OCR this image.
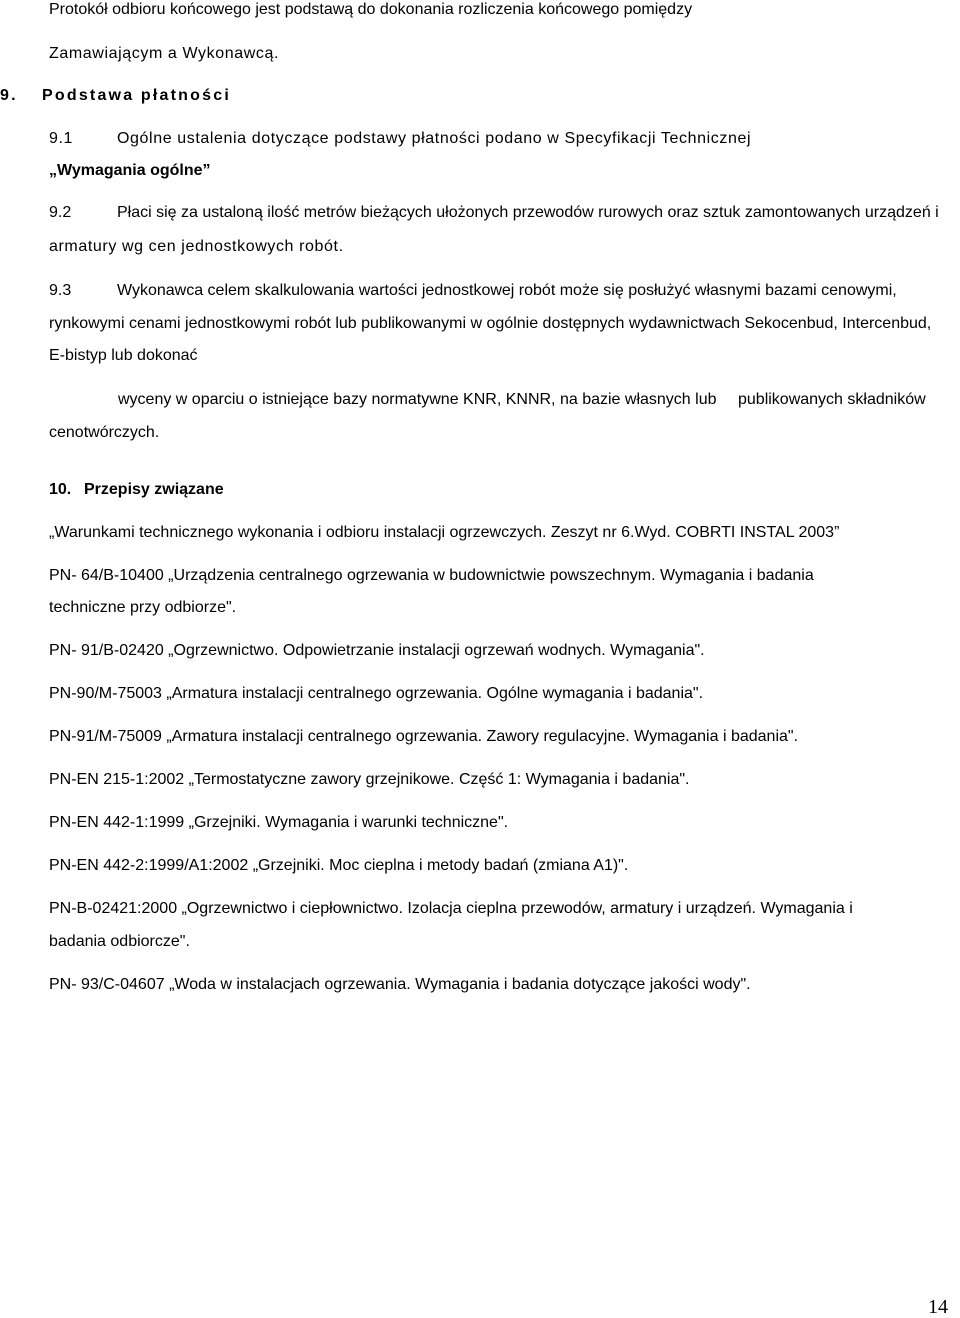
Protokół odbioru końcowego jest podstawą do dokonania rozliczenia końcowego pomiędzy
Zamawiającym a Wykonawcą.
9. Podstawa płatności
9.1	Ogólne ustalenia dotyczące podstawy płatności podano w Specyfikacji Technicznej
„Wymagania ogólne”
9.2	Płaci się za ustaloną ilość metrów bieżących ułożonych przewodów rurowych oraz sztuk zamontowanych urządzeń i
armatury wg cen jednostkowych robót.
9.3	Wykonawca celem skalkulowania wartości jednostkowej robót może się posłużyć własnymi bazami cenowymi,
rynkowymi cenami jednostkowymi robót lub publikowanymi w ogólnie dostępnych wydawnictwach Sekocenbud, Intercenbud,
E-bistyp lub dokonać
wyceny w oparciu o istniejące bazy normatywne KNR, KNNR, na bazie własnych lub publikowanych składników
cenotwórczych.
10. Przepisy związane
„Warunkami technicznego wykonania i odbioru instalacji ogrzewczych. Zeszyt nr 6.Wyd. COBRTI INSTAL 2003”
PN- 64/B-10400 „Urządzenia centralnego ogrzewania w budownictwie powszechnym. Wymagania i badania
techniczne przy odbiorze".
PN- 91/B-02420 „Ogrzewnictwo. Odpowietrzanie instalacji ogrzewań wodnych. Wymagania".
PN-90/M-75003 „Armatura instalacji centralnego ogrzewania. Ogólne wymagania i badania".
PN-91/M-75009 „Armatura instalacji centralnego ogrzewania. Zawory regulacyjne. Wymagania i badania".
PN-EN 215-1:2002 „Termostatyczne zawory grzejnikowe. Część 1: Wymagania i badania".
PN-EN 442-1:1999 „Grzejniki. Wymagania i warunki techniczne".
PN-EN 442-2:1999/A1:2002 „Grzejniki. Moc cieplna i metody badań (zmiana A1)".
PN-B-02421:2000 „Ogrzewnictwo i ciepłownictwo. Izolacja cieplna przewodów, armatury i urządzeń. Wymagania i
badania odbiorcze".
PN- 93/C-04607 „Woda w instalacjach ogrzewania. Wymagania i badania dotyczące jakości wody".
14
